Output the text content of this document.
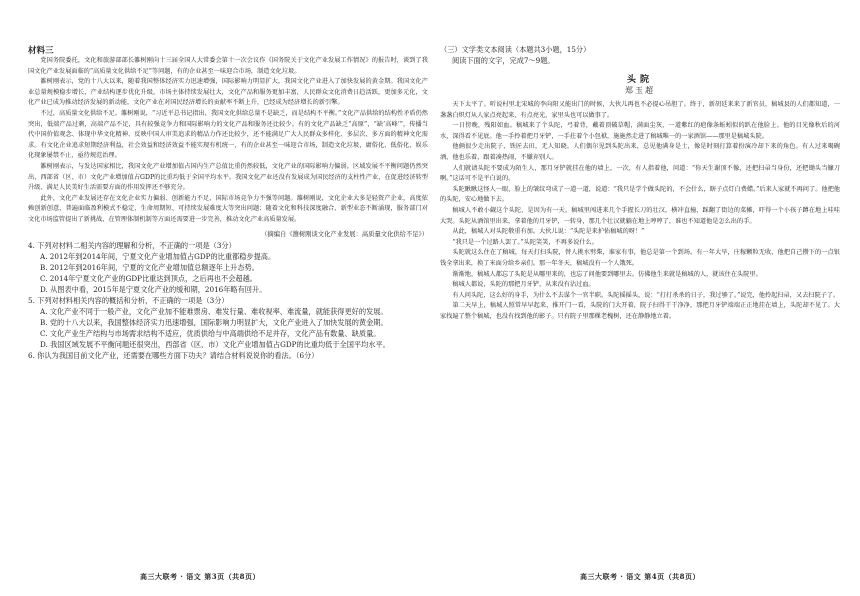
材料三

党国务院委托，文化和旅游部部长雒树刚向十三届全国人大常委会第十一次会议作《国务院关于文化产业发展工作情况》的报告时，谈到了我国文化产业发展面临的“高质量文化供给不足”等问题，有的企业甚至一味迎合市场，制造文化垃圾。

雒树刚表示，党的十八大以来，随着我国整体经济实力迅速增强，国际影响力明显扩大，我国文化产业进入了加快发展的黄金期。我国文化产业总量规模稳步增长，产业结构逐步优化升级，市场主体持续发展壮大，文化产品和服务更加丰富，人民群众文化消费日趋活跃，更加多元化，文化产业已成为推动经济发展的新动能，文化产业在对国民经济增长的贡献率不断上升，已经成为经济增长的新引擎。

不过，高质量文化供给不足。雒树刚说，“习近平总书记指出，我国文化供给总量不是缺乏，而是结构不平衡。”文化产品供给的结构性矛盾仍然突出，低端产品过剩，高端产品不足，具有较强竞争力和国际影响力的文化产品和服务还比较少。有的文化产品缺乏“高原”，“缺‘高峰’”，传播当代中国价值观念、体现中华文化精神、反映中国人审美追求的精品力作还比较少，还不能满足广大人民群众多样化、多层次、多方面的精神文化需求。有文化企业追求短期经济利益，社会效益和经济效益不能实现有机统一，有的企业甚至一味迎合市场，制造文化垃圾，庸俗化、低俗化、娱乐化现象屡禁不止，亟待规范治理。

雒树刚表示，与发达国家相比，我国文化产业增加值占国内生产总值比重仍然较低，文化产业的国际影响力偏弱。区域发展不平衡问题仍然突出，西部省（区、市）文化产业增加值占GDP的比重均低于全国平均水平。我国文化产业还没有发展成为国民经济的支柱性产业，在促进经济转型升级、满足人民美好生活需要方面的作用发挥还不够充分。

此外，文化产业发展还存在文化企业实力偏弱、创新能力不足、国际市场竞争力不强等问题。雒树刚说，文化企业大多是轻资产企业，高度依赖创新创意，普遍面临盈利模式不稳定、生命周期短、可持续发展难度大等突出问题；随着文化和科技深度融合、新型业态不断涌现，服务部门对文化市场监管提出了新挑战，在管理体制机制等方面还需要进一步完善，推动文化产业高质量发展。

（摘编自《雒树刚谈文化产业发展：高质量文化供给不足》）

4. 下列对材料二相关内容的理解和分析，不正确的一项是（3分）

A. 2012年到2014年间，宁夏文化产业增加值占GDP的比重都稳步提高。

B. 2012年到2016年间，宁夏的文化产业增加值总额逐年上升态势。

C. 2014年宁夏文化产业的GDP比重达到顶点，之后再也不会超越。

D. 从图表中看，2015年是宁夏文化产业的缓和期，2016年略有回升。

5. 下列对材料相关内容的概括和分析，不正确的一项是（3分）

A. 文化产业不同于一般产业，文化产业加不能难票房、难发行量、难收视率、难流量，就能获得更好的发展。

B. 党的十八大以来，我国整体经济实力迅速增强，国际影响力明显扩大，文化产业进入了加快发展的黄金期。

C. 文化产业生产结构与市场需求结构不适应，优质供给与中高端供给不足并存，文化产品有数量、缺质量。

D. 我国区域发展不平衡问题还很突出，西部省（区、市）文化产业增加值占GDP的比重均低于全国平均水平。

6. 你认为我国目前文化产业，还需要在哪些方面下功夫？请结合材料说说你的看法。（6分）

（三）文学类文本阅读（本题共3小题，15分）

阅读下面的文字，完成7～9题。

头院
郑玉超

天下太平了。听说村里北宋城的李向阳又能出门的时候，大伙儿再也不必提心吊胆了。终于，新胡廷来来了新官员，稿城县的人们都知道，一盏盏白炽灯从人家点亮起来，有点亮光，家里头也可以做事了。

一日傍晚，残阳如血。稿城来了个头陀，弓着背，戴着顶破草帽，满面尘灰，一道紫红的疤像条蚯蚓似的趴在他脸上。他的目光像秋后的河水，深得看不见底。他一手拎着把月牙铲，一手拄着个小包袱，施施然走进了稿城唯一的一家酒馆——那里是稿城头院。

他俩很少走出院子，铁匠去田，无人知晓。人们偶尔见到头陀出来，总见他满身是土，像是时刻打算着扮演冷却下来的角色。有人过来喝碗酒，他也乐着，跟着凑热闹，不嫌弃别人。

人们就请头陀不要成为陌生人，那月牙铲就挂在他的墙上，一次，有人指着他，问道：“你天生谢顶不像，还把扫帚当身份，还把锄头当镰刀啊。”这话可不是平白说的。

头陀瞅瞅这怪人一眼，脸上的皱纹弯成了一道一道，说道：“我只是学个做头陀的，不会什么，瞎子点灯白费蜡。”后来人家就不再问了。他把他的头陀，安心地做下去。

稿城人不敢小觑这个头陀，是因为有一天，稿城里闯进来几个手握长刀的壮汉，横冲直撞，踩翻了街边的菜摊，吓得一个小孩子蹲在地上哇哇大哭。头陀从酒馆里出来，拿着他的月牙铲，一转身，那几个壮汉就躺在地上哼哼了，谁也不知道他是怎么出的手。

从此，稿城人对头陀敬重有加。大伙儿说：“头陀是来护佑稿城的呀！”

“我只是一个过路人罢了。”头陀笑笑，不再多说什么。

头陀就这么住在了稿城，每天打扫头院，替人挑水劈柴，谁家有事，他总是第一个到场。有一年大旱，庄稼颗粒无收，他把自己攒下的一点银钱全拿出来，换了米面分给乡亲们。那一年冬天，稿城没有一个人饿死。

渐渐地，稿城人都忘了头陀是从哪里来的，也忘了问他要到哪里去。仿佛他生来就是稿城的人，就该住在头院里。

稿城人都说，头陀的那把月牙铲，从来没有沾过血。

有人问头陀，这么好的身手，为什么不去谋个一官半职。头陀摇摇头，说：“打打杀杀的日子，我过够了。”说完，他拎起扫帚，又去扫院子了。

第二天早上，稿城人照常早早起来，推开门一看，头院的门大开着，院子扫得干干净净，那把月牙铲端端正正地挂在墙上，头陀却不见了。大家找遍了整个稿城，也没有找到他的影子。只有院子里那棵老槐树，还在静静地立着。

高三大联考 · 语文 第3页（共8页）	高三大联考 · 语文 第4页（共8页）
